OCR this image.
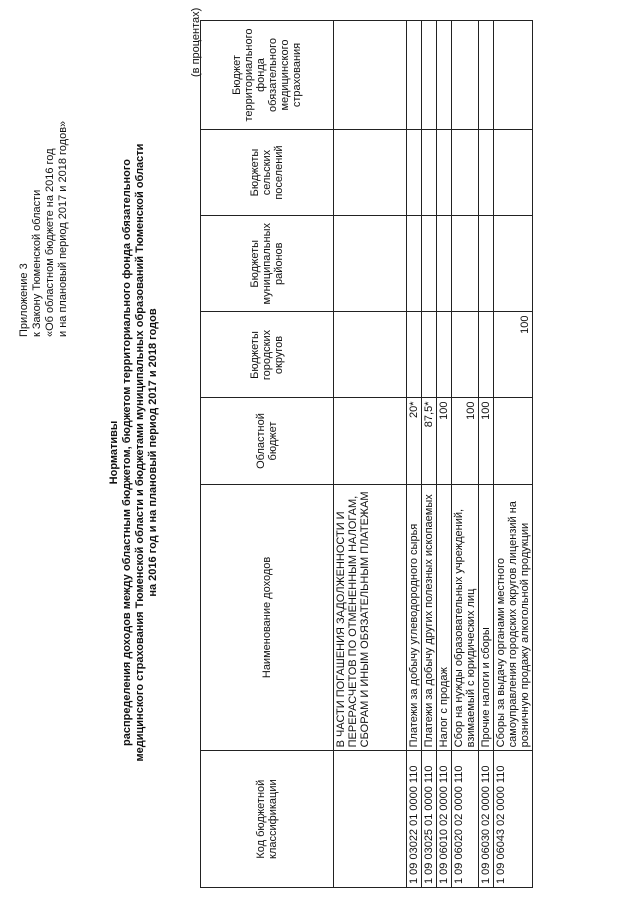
Приложение 3 к Закону Тюменской области «Об областном бюджете на 2016 год и на плановый период 2017 и 2018 годов»
Нормативы распределения доходов между областным бюджетом, бюджетом территориального фонда обязательного медицинского страхования Тюменской области и бюджетами муниципальных образований Тюменской области на 2016 год и на плановый период 2017 и 2018 годов
(в процентах)
Код бюджетной классификации	Наименование доходов	Областной бюджет	Бюджеты городских округов	Бюджеты муниципальных районов	Бюджеты сельских поселений	Бюджет территориального фонда обязательного медицинского страхования
	В ЧАСТИ ПОГАШЕНИЯ ЗАДОЛЖЕННОСТИ И ПЕРЕРАСЧЕТОВ ПО ОТМЕНЕННЫМ НАЛОГАМ, СБОРАМ И ИНЫМ ОБЯЗАТЕЛЬНЫМ ПЛАТЕЖАМ					
1 09 03022 01 0000 110	Платежи за добычу углеводородного сырья	20*				
1 09 03025 01 0000 110	Платежи за добычу других полезных ископаемых	87,5*				
1 09 06010 02 0000 110	Налог с продаж	100				
1 09 06020 02 0000 110	Сбор на нужды образовательных учреждений, взимаемый с юридических лиц	100				
1 09 06030 02 0000 110	Прочие налоги и сборы	100				
1 09 06043 02 0000 110	Сборы за выдачу органами местного самоуправления городских округов лицензий на розничную продажу алкогольной продукции		100			
